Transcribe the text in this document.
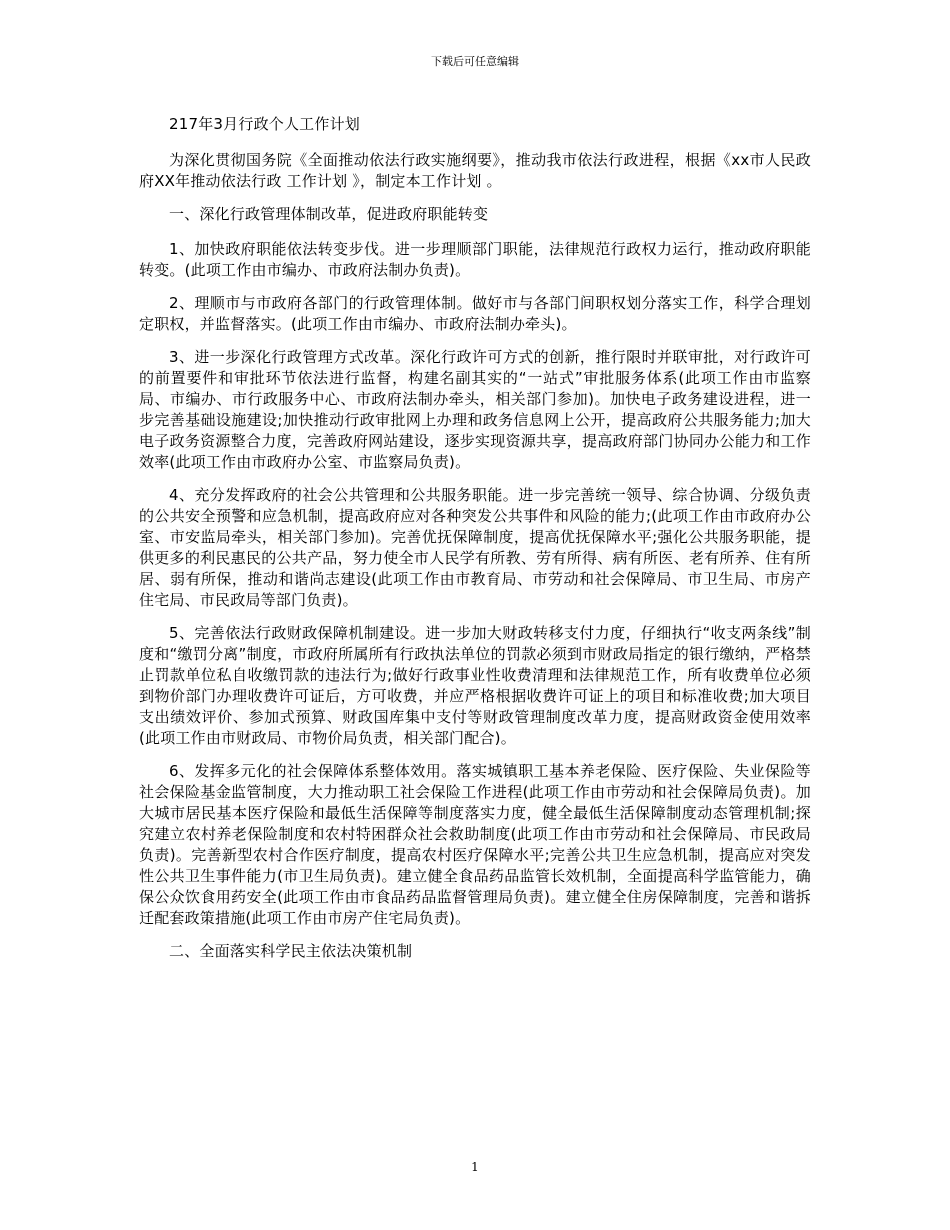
下载后可任意编辑

217年3月行政个人工作计划

为深化贯彻国务院《全面推动依法行政实施纲要》，推动我市依法行政进程，根据《xx市人民政府XX年推动依法行政 工作计划 》，制定本工作计划 。

一、深化行政管理体制改革，促进政府职能转变

1、加快政府职能依法转变步伐。进一步理顺部门职能，法律规范行政权力运行，推动政府职能转变。(此项工作由市编办、市政府法制办负责)。

2、理顺市与市政府各部门的行政管理体制。做好市与各部门间职权划分落实工作，科学合理划定职权，并监督落实。(此项工作由市编办、市政府法制办牵头)。

3、进一步深化行政管理方式改革。深化行政许可方式的创新，推行限时并联审批，对行政许可的前置要件和审批环节依法进行监督，构建名副其实的“一站式”审批服务体系(此项工作由市监察局、市编办、市行政服务中心、市政府法制办牵头，相关部门参加)。加快电子政务建设进程，进一步完善基础设施建设;加快推动行政审批网上办理和政务信息网上公开，提高政府公共服务能力;加大电子政务资源整合力度，完善政府网站建设，逐步实现资源共享，提高政府部门协同办公能力和工作效率(此项工作由市政府办公室、市监察局负责)。

4、充分发挥政府的社会公共管理和公共服务职能。进一步完善统一领导、综合协调、分级负责的公共安全预警和应急机制，提高政府应对各种突发公共事件和风险的能力;(此项工作由市政府办公室、市安监局牵头，相关部门参加)。完善优抚保障制度，提高优抚保障水平;强化公共服务职能，提供更多的利民惠民的公共产品，努力使全市人民学有所教、劳有所得、病有所医、老有所养、住有所居、弱有所保，推动和谐尚志建设(此项工作由市教育局、市劳动和社会保障局、市卫生局、市房产住宅局、市民政局等部门负责)。

5、完善依法行政财政保障机制建设。进一步加大财政转移支付力度，仔细执行“收支两条线”制度和“缴罚分离”制度，市政府所属所有行政执法单位的罚款必须到市财政局指定的银行缴纳，严格禁止罚款单位私自收缴罚款的违法行为;做好行政事业性收费清理和法律规范工作，所有收费单位必须到物价部门办理收费许可证后，方可收费，并应严格根据收费许可证上的项目和标准收费;加大项目支出绩效评价、参加式预算、财政国库集中支付等财政管理制度改革力度，提高财政资金使用效率(此项工作由市财政局、市物价局负责，相关部门配合)。

6、发挥多元化的社会保障体系整体效用。落实城镇职工基本养老保险、医疗保险、失业保险等社会保险基金监管制度，大力推动职工社会保险工作进程(此项工作由市劳动和社会保障局负责)。加大城市居民基本医疗保险和最低生活保障等制度落实力度，健全最低生活保障制度动态管理机制;探究建立农村养老保险制度和农村特困群众社会救助制度(此项工作由市劳动和社会保障局、市民政局负责)。完善新型农村合作医疗制度，提高农村医疗保障水平;完善公共卫生应急机制，提高应对突发性公共卫生事件能力(市卫生局负责)。建立健全食品药品监管长效机制，全面提高科学监管能力，确保公众饮食用药安全(此项工作由市食品药品监督管理局负责)。建立健全住房保障制度，完善和谐拆迁配套政策措施(此项工作由市房产住宅局负责)。

二、全面落实科学民主依法决策机制

1
